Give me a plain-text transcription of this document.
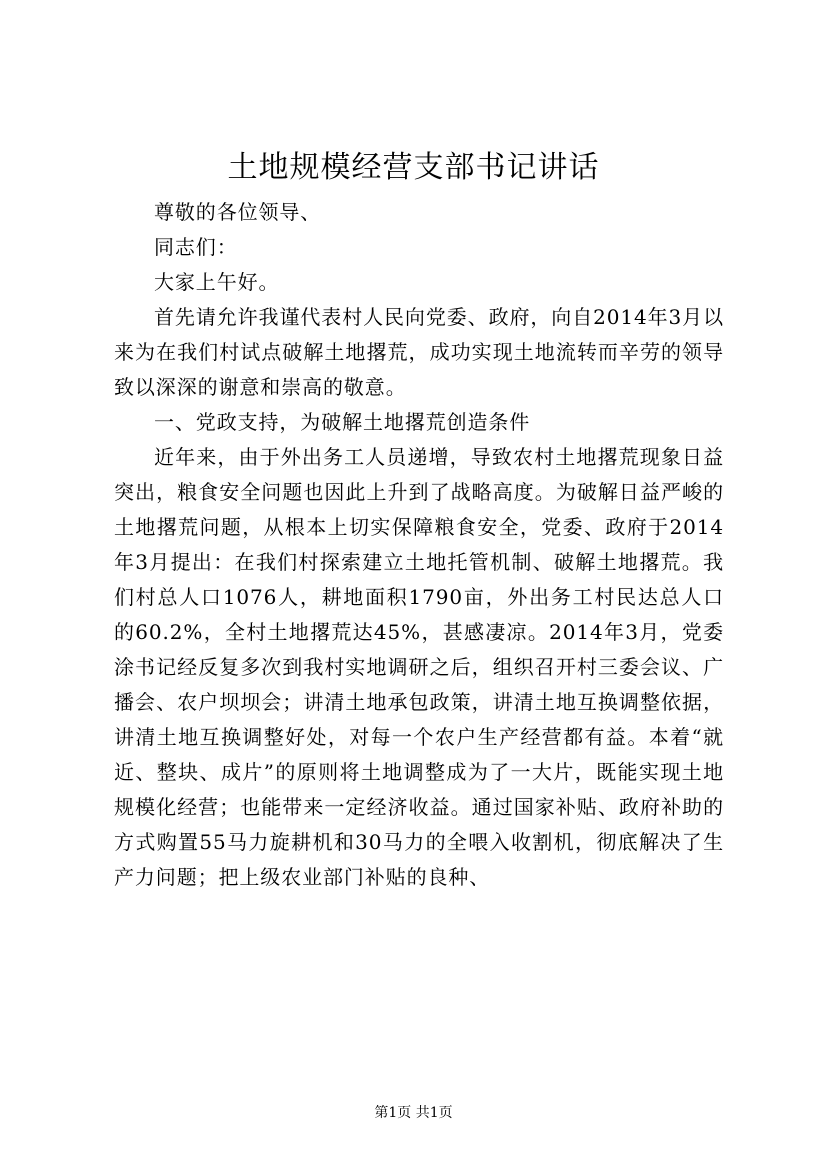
土地规模经营支部书记讲话

尊敬的各位领导、

同志们：

大家上午好。

首先请允许我谨代表村人民向党委、政府，向自2014年3月以来为在我们村试点破解土地撂荒，成功实现土地流转而辛劳的领导致以深深的谢意和崇高的敬意。

一、党政支持，为破解土地撂荒创造条件

近年来，由于外出务工人员递增，导致农村土地撂荒现象日益突出，粮食安全问题也因此上升到了战略高度。为破解日益严峻的土地撂荒问题，从根本上切实保障粮食安全，党委、政府于2014年3月提出：在我们村探索建立土地托管机制、破解土地撂荒。我们村总人口1076人，耕地面积1790亩，外出务工村民达总人口的60.2%，全村土地撂荒达45%，甚感凄凉。2014年3月，党委涂书记经反复多次到我村实地调研之后，组织召开村三委会议、广播会、农户坝坝会；讲清土地承包政策，讲清土地互换调整依据，讲清土地互换调整好处，对每一个农户生产经营都有益。本着“就近、整块、成片”的原则将土地调整成为了一大片，既能实现土地规模化经营；也能带来一定经济收益。通过国家补贴、政府补助的方式购置55马力旋耕机和30马力的全喂入收割机，彻底解决了生产力问题；把上级农业部门补贴的良种、

第1页 共1页
